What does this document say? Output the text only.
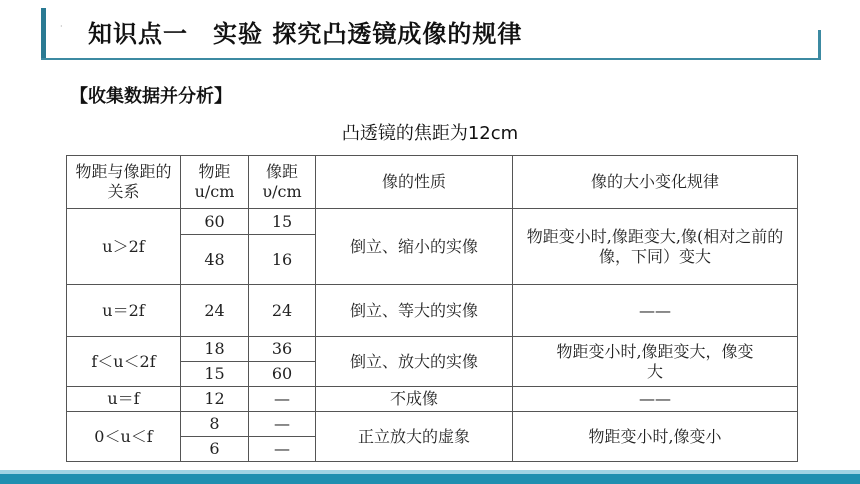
· 知识点一　实验 探究凸透镜成像的规律
【收集数据并分析】
凸透镜的焦距为12cm
物距与像距的关系	物距u/cm	像距υ/cm	像的性质	像的大小变化规律
u＞2f	60	15	倒立、缩小的实像	物距变小时,像距变大,像(相对之前的像，下同）变大
	48	16		
u＝2f	24	24	倒立、等大的实像	——
f＜u＜2f	18	36	倒立、放大的实像	物距变小时,像距变大，像变大
	15	60		
u＝f	12	—	不成像	——
0＜u＜f	8	—	正立放大的虚象	物距变小时,像变小
	6	—		
